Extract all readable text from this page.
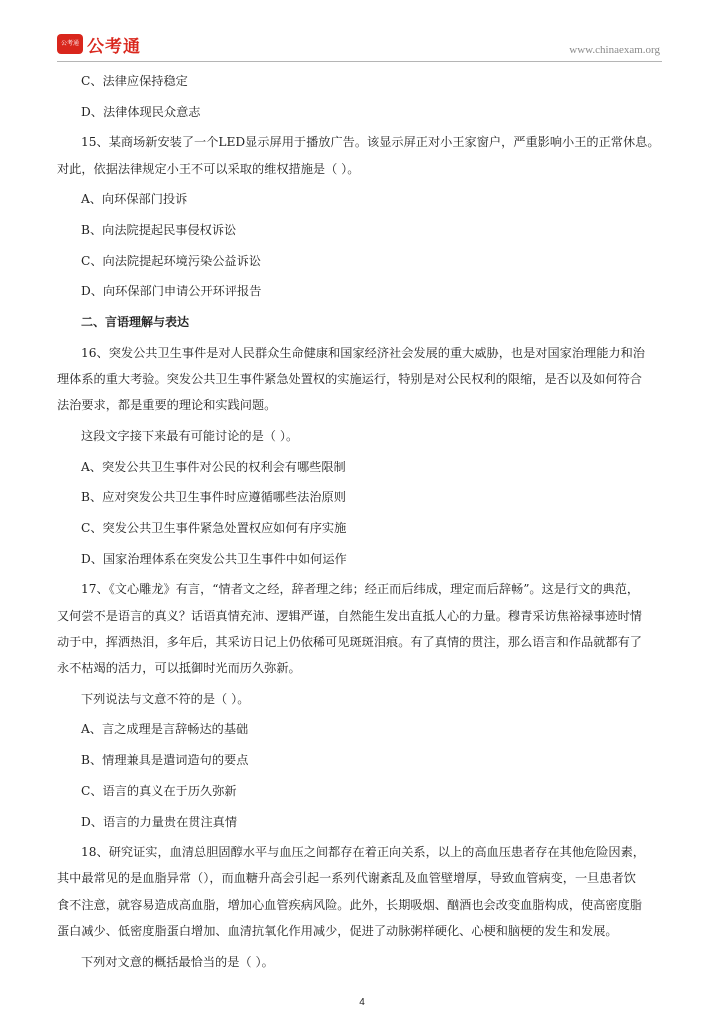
公考通 公考通	www.chinaexam.org
C、法律应保持稳定
D、法律体现民众意志
15、某商场新安装了一个LED显示屏用于播放广告。该显示屏正对小王家窗户，严重影响小王的正常休息。
对此，依据法律规定小王不可以采取的维权措施是（ ）。
A、向环保部门投诉
B、向法院提起民事侵权诉讼
C、向法院提起环境污染公益诉讼
D、向环保部门申请公开环评报告
二、言语理解与表达
16、突发公共卫生事件是对人民群众生命健康和国家经济社会发展的重大威胁，也是对国家治理能力和治
理体系的重大考验。突发公共卫生事件紧急处置权的实施运行，特别是对公民权利的限缩，是否以及如何符合
法治要求，都是重要的理论和实践问题。
这段文字接下来最有可能讨论的是（ ）。
A、突发公共卫生事件对公民的权利会有哪些限制
B、应对突发公共卫生事件时应遵循哪些法治原则
C、突发公共卫生事件紧急处置权应如何有序实施
D、国家治理体系在突发公共卫生事件中如何运作
17、《文心雕龙》有言，“情者文之经，辞者理之纬；经正而后纬成，理定而后辞畅”。这是行文的典范，
又何尝不是语言的真义？话语真情充沛、逻辑严谨，自然能生发出直抵人心的力量。穆青采访焦裕禄事迹时情
动于中，挥洒热泪，多年后，其采访日记上仍依稀可见斑斑泪痕。有了真情的贯注，那么语言和作品就都有了
永不枯竭的活力，可以抵御时光而历久弥新。
下列说法与文意不符的是（ ）。
A、言之成理是言辞畅达的基础
B、情理兼具是遣词造句的要点
C、语言的真义在于历久弥新
D、语言的力量贵在贯注真情
18、研究证实，血清总胆固醇水平与血压之间都存在着正向关系，以上的高血压患者存在其他危险因素，
其中最常见的是血脂异常（），而血糖升高会引起一系列代谢紊乱及血管壁增厚，导致血管病变，一旦患者饮
食不注意，就容易造成高血脂，增加心血管疾病风险。此外，长期吸烟、酗酒也会改变血脂构成，使高密度脂
蛋白减少、低密度脂蛋白增加、血清抗氧化作用减少，促进了动脉粥样硬化、心梗和脑梗的发生和发展。
下列对文意的概括最恰当的是（ ）。
4
